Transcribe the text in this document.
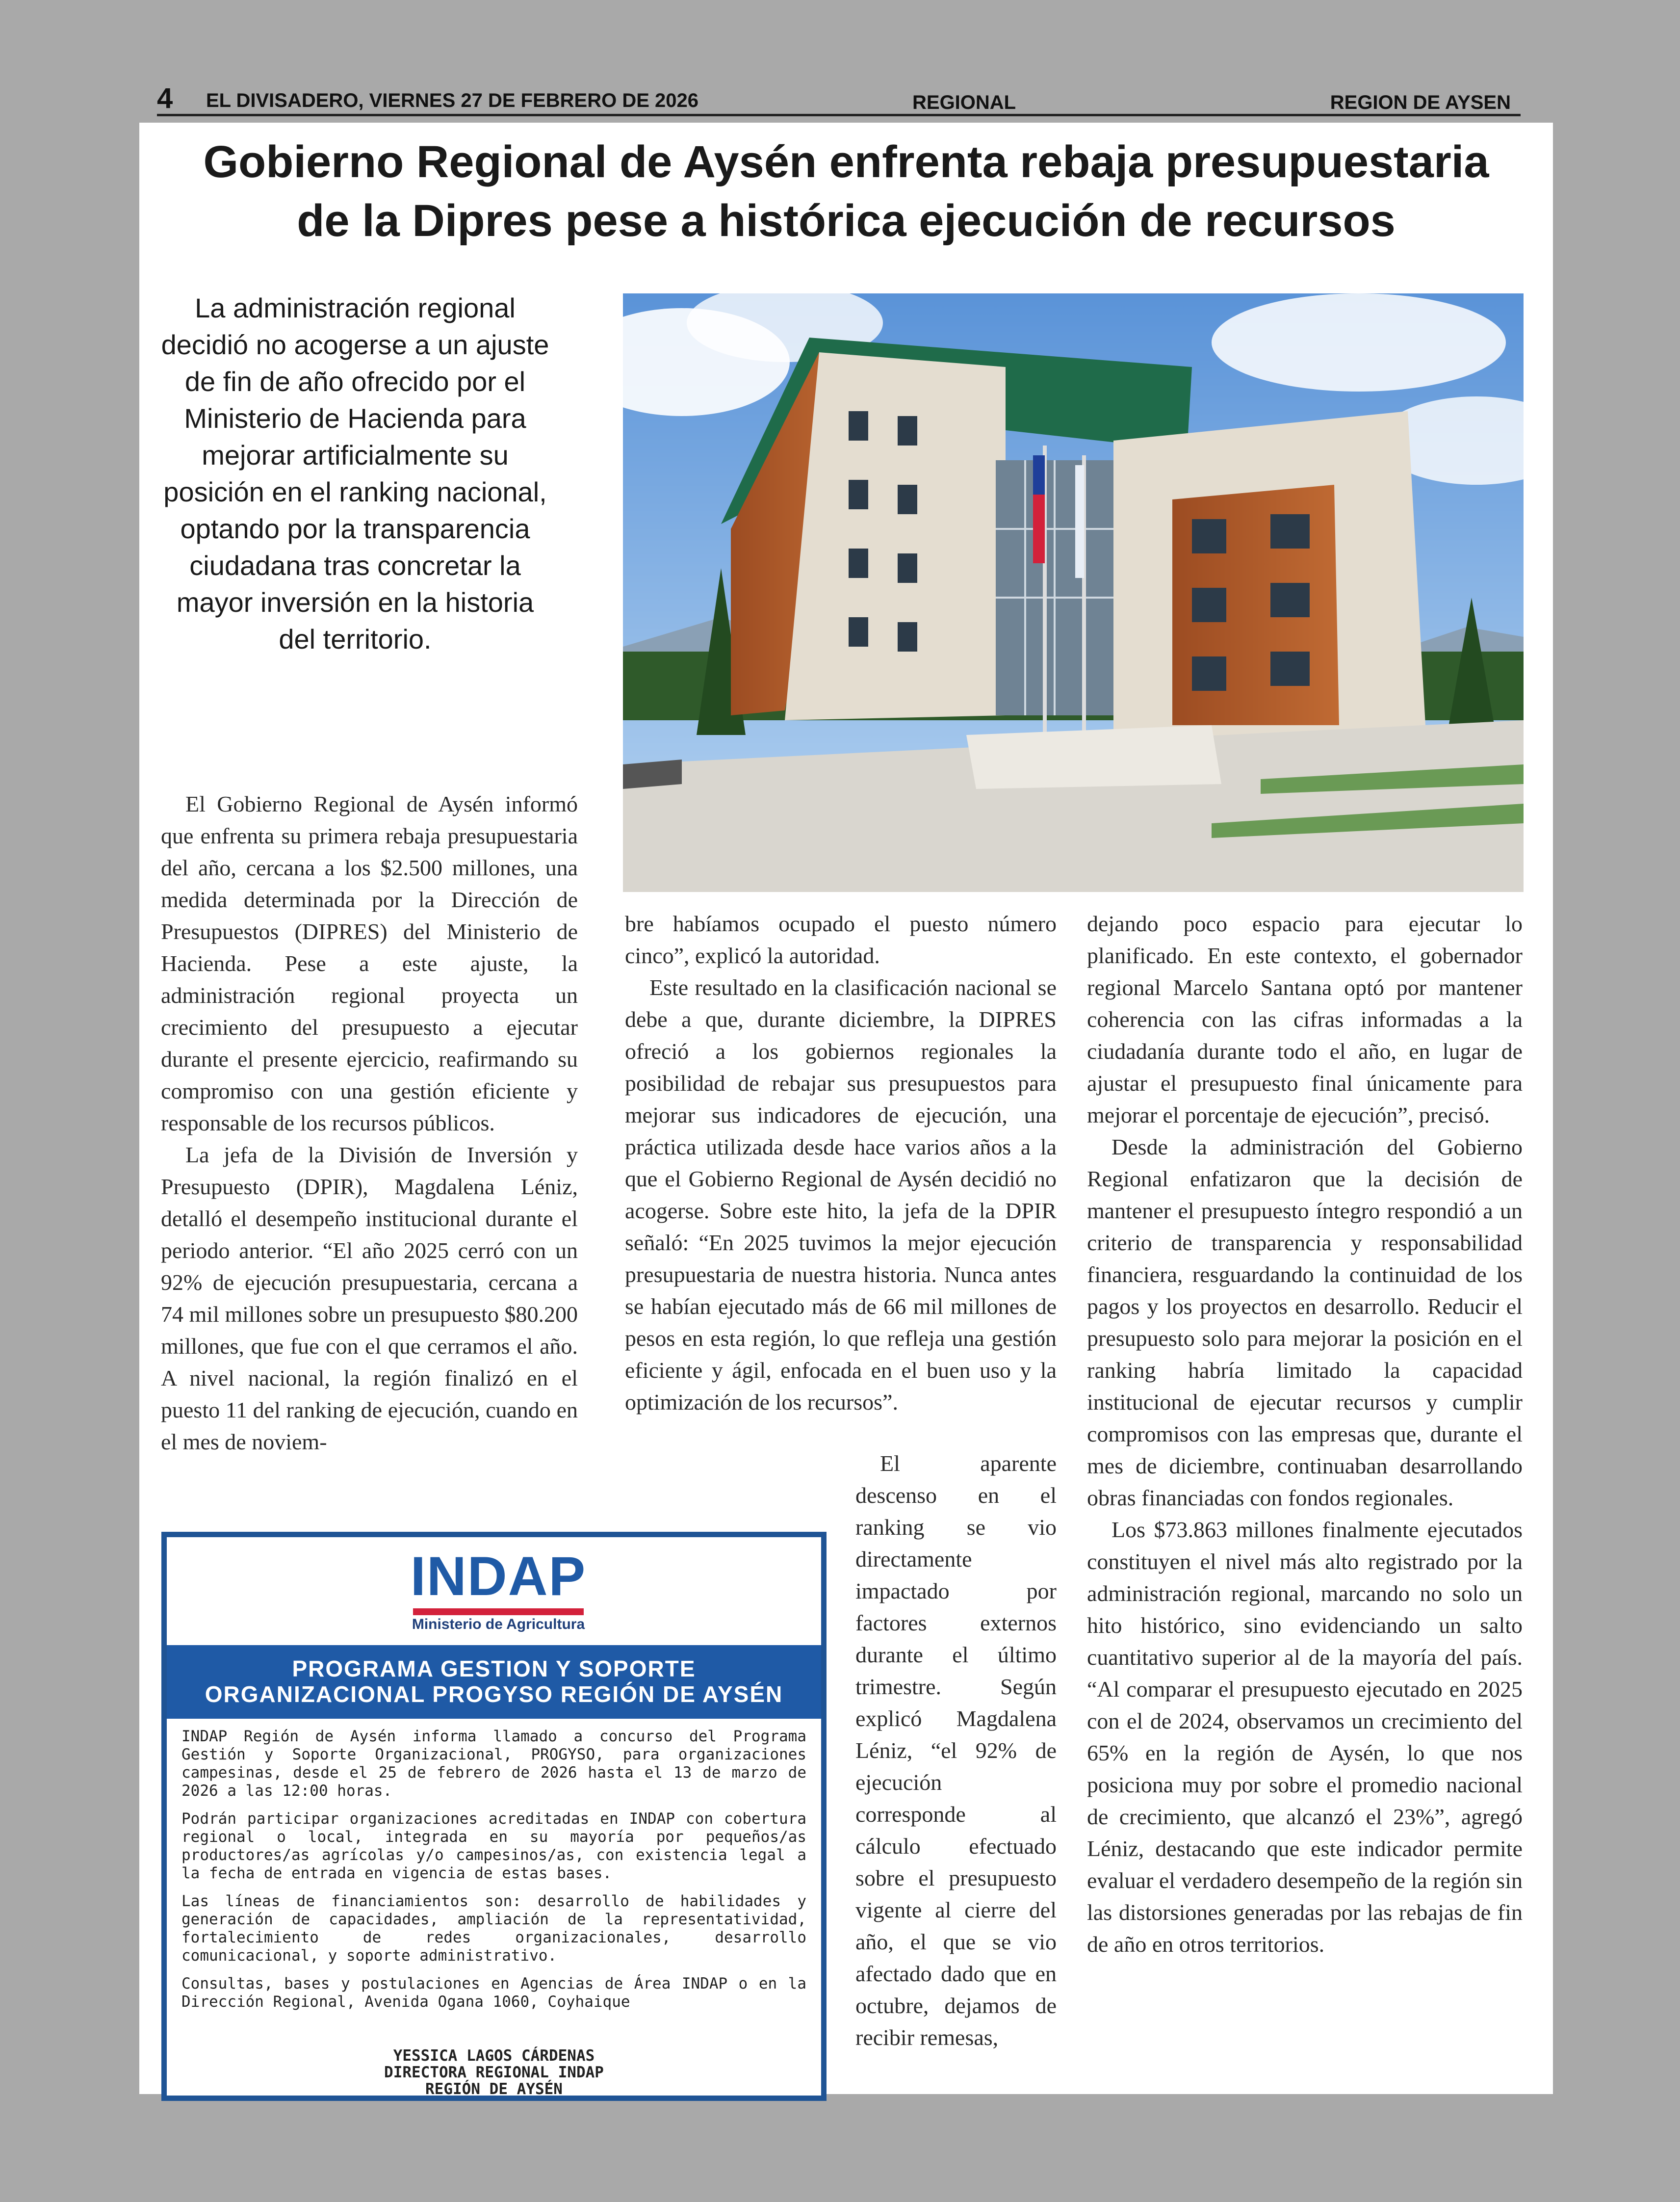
4 EL DIVISADERO, VIERNES 27 DE FEBRERO DE 2026	REGIONAL	REGION DE AYSEN
Gobierno Regional de Aysén enfrenta rebaja presupuestaria
de la Dipres pese a histórica ejecución de recursos
La administración regional decidió no acogerse a un ajuste de fin de año ofrecido por el Ministerio de Hacienda para mejorar artificialmente su posición en el ranking nacional, optando por la transparencia ciudadana tras concretar la mayor inversión en la historia del territorio.

El Gobierno Regional de Aysén informó que enfrenta su primera rebaja presupuestaria del año, cercana a los $2.500 millones, una medida determinada por la Dirección de Presupuestos (DIPRES) del Ministerio de Hacienda. Pese a este ajuste, la administración regional proyecta un crecimiento del presupuesto a ejecutar durante el presente ejercicio, reafirmando su compromiso con una gestión eficiente y responsable de los recursos públicos.

La jefa de la División de Inversión y Presupuesto (DPIR), Magdalena Léniz, detalló el desempeño institucional durante el periodo anterior. “El año 2025 cerró con un 92% de ejecución presupuestaria, cercana a 74 mil millones sobre un presupuesto $80.200 millones, que fue con el que cerramos el año. A nivel nacional, la región finalizó en el puesto 11 del ranking de ejecución, cuando en el mes de noviem-

bre habíamos ocupado el puesto número cinco”, explicó la autoridad.

Este resultado en la clasificación nacional se debe a que, durante diciembre, la DIPRES ofreció a los gobiernos regionales la posibilidad de rebajar sus presupuestos para mejorar sus indicadores de ejecución, una práctica utilizada desde hace varios años a la que el Gobierno Regional de Aysén decidió no acogerse. Sobre este hito, la jefa de la DPIR señaló: “En 2025 tuvimos la mejor ejecución presupuestaria de nuestra historia. Nunca antes se habían ejecutado más de 66 mil millones de pesos en esta región, lo que refleja una gestión eficiente y ágil, enfocada en el buen uso y la optimización de los recursos”.

El aparente descenso en el ranking se vio directamente impactado por factores externos durante el último trimestre. Según explicó Magdalena Léniz, “el 92% de ejecución corresponde al cálculo efectuado sobre el presupuesto vigente al cierre del año, el que se vio afectado dado que en octubre, dejamos de recibir remesas,

dejando poco espacio para ejecutar lo planificado. En este contexto, el gobernador regional Marcelo Santana optó por mantener coherencia con las cifras informadas a la ciudadanía durante todo el año, en lugar de ajustar el presupuesto final únicamente para mejorar el porcentaje de ejecución”, precisó.

Desde la administración del Gobierno Regional enfatizaron que la decisión de mantener el presupuesto íntegro respondió a un criterio de transparencia y responsabilidad financiera, resguardando la continuidad de los pagos y los proyectos en desarrollo. Reducir el presupuesto solo para mejorar la posición en el ranking habría limitado la capacidad institucional de ejecutar recursos y cumplir compromisos con las empresas que, durante el mes de diciembre, continuaban desarrollando obras financiadas con fondos regionales.

Los $73.863 millones finalmente ejecutados constituyen el nivel más alto registrado por la administración regional, marcando no solo un hito histórico, sino evidenciando un salto cuantitativo superior al de la mayoría del país. “Al comparar el presupuesto ejecutado en 2025 con el de 2024, observamos un crecimiento del 65% en la región de Aysén, lo que nos posiciona muy por sobre el promedio nacional de crecimiento, que alcanzó el 23%”, agregó Léniz, destacando que este indicador permite evaluar el verdadero desempeño de la región sin las distorsiones generadas por las rebajas de fin de año en otros territorios.

INDAP
Ministerio de Agricultura
PROGRAMA GESTION Y SOPORTE
ORGANIZACIONAL PROGYSO REGIÓN DE AYSÉN

INDAP Región de Aysén informa llamado a concurso del Programa Gestión y Soporte Organizacional, PROGYSO, para organizaciones campesinas, desde el 25 de febrero de 2026 hasta el 13 de marzo de 2026 a las 12:00 horas.

Podrán participar organizaciones acreditadas en INDAP con cobertura regional o local, integrada en su mayoría por pequeños/as productores/as agrícolas y/o campesinos/as, con existencia legal a la fecha de entrada en vigencia de estas bases.

Las líneas de financiamientos son: desarrollo de habilidades y generación de capacidades, ampliación de la representatividad, fortalecimiento de redes organizacionales, desarrollo comunicacional, y soporte administrativo.

Consultas, bases y postulaciones en Agencias de Área INDAP o en la Dirección Regional, Avenida Ogana 1060, Coyhaique

YESSICA LAGOS CÁRDENAS
DIRECTORA REGIONAL INDAP
REGIÓN DE AYSÉN
